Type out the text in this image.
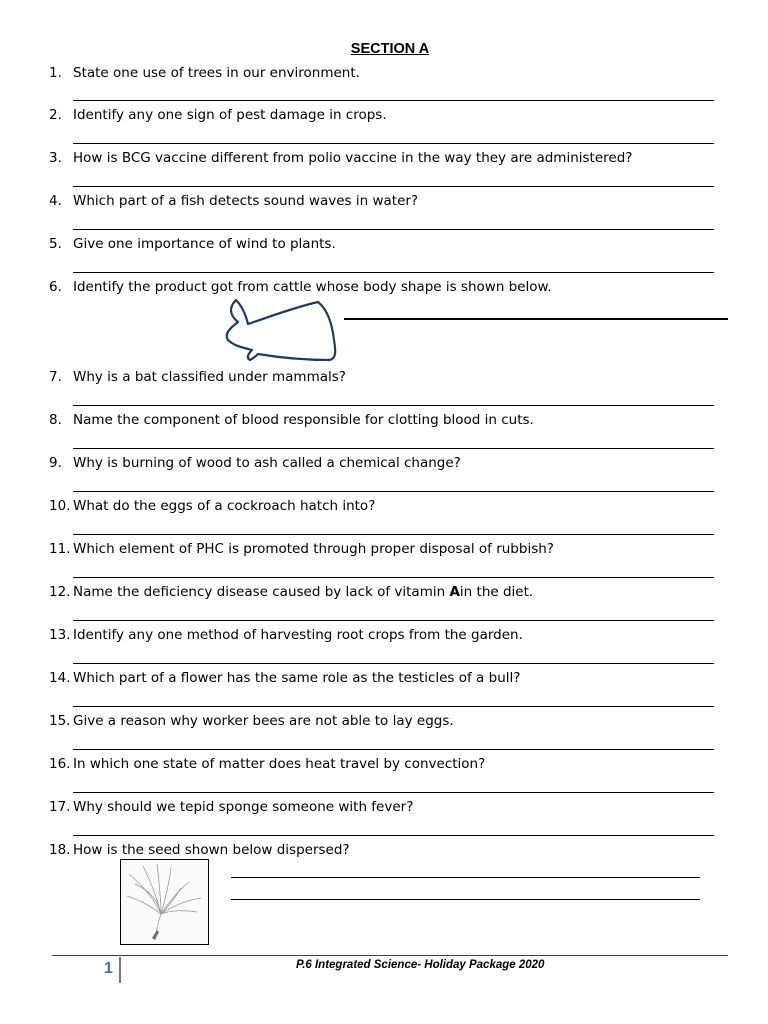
SECTION A
1. State one use of trees in our environment.
2. Identify any one sign of pest damage in crops.
3. How is BCG vaccine different from polio vaccine in the way they are administered?
4. Which part of a fish detects sound waves in water?
5. Give one importance of wind to plants.
6. Identify the product got from cattle whose body shape is shown below.
7. Why is a bat classified under mammals?
8. Name the component of blood responsible for clotting blood in cuts.
9. Why is burning of wood to ash called a chemical change?
10. What do the eggs of a cockroach hatch into?
11. Which element of PHC is promoted through proper disposal of rubbish?
12. Name the deficiency disease caused by lack of vitamin Ain the diet.
13. Identify any one method of harvesting root crops from the garden.
14. Which part of a flower has the same role as the testicles of a bull?
15. Give a reason why worker bees are not able to lay eggs.
16. In which one state of matter does heat travel by convection?
17. Why should we tepid sponge someone with fever?
18. How is the seed shown below dispersed?
1	P.6 Integrated Science- Holiday Package 2020
